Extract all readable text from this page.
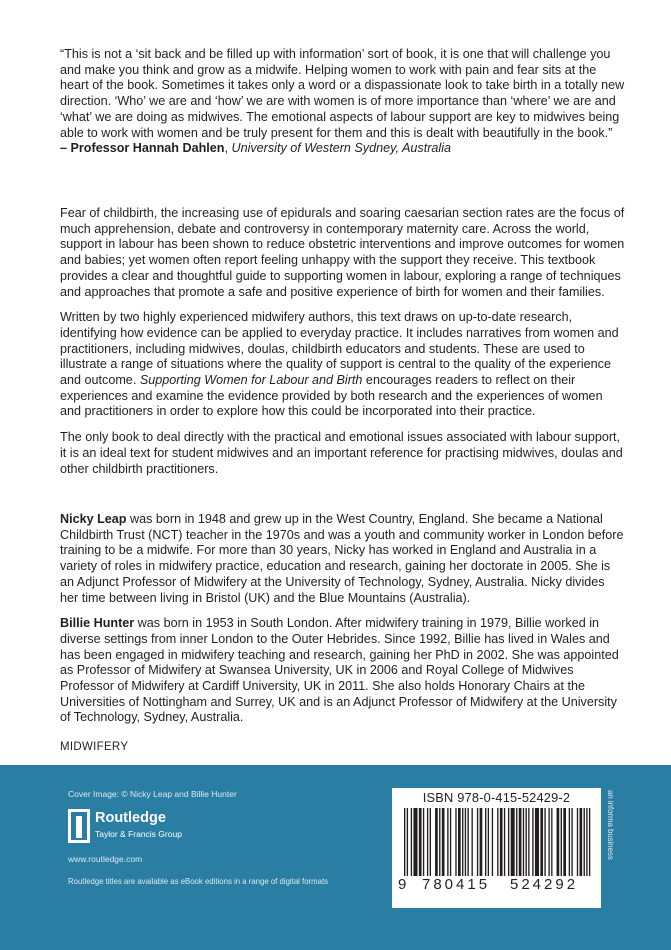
“This is not a ‘sit back and be filled up with information’ sort of book, it is one that will challenge you and make you think and grow as a midwife. Helping women to work with pain and fear sits at the heart of the book. Sometimes it takes only a word or a dispassionate look to take birth in a totally new direction. ‘Who’ we are and ‘how’ we are with women is of more importance than ‘where’ we are and ‘what’ we are doing as midwives. The emotional aspects of labour support are key to midwives being able to work with women and be truly present for them and this is dealt with beautifully in the book.”
– Professor Hannah Dahlen, University of Western Sydney, Australia

Fear of childbirth, the increasing use of epidurals and soaring caesarian section rates are the focus of much apprehension, debate and controversy in contemporary maternity care. Across the world, support in labour has been shown to reduce obstetric interventions and improve outcomes for women and babies; yet women often report feeling unhappy with the support they receive. This textbook provides a clear and thoughtful guide to supporting women in labour, exploring a range of techniques and approaches that promote a safe and positive experience of birth for women and their families.

Written by two highly experienced midwifery authors, this text draws on up-to-date research, identifying how evidence can be applied to everyday practice. It includes narratives from women and practitioners, including midwives, doulas, childbirth educators and students. These are used to illustrate a range of situations where the quality of support is central to the quality of the experience and outcome. Supporting Women for Labour and Birth encourages readers to reflect on their experiences and examine the evidence provided by both research and the experiences of women and practitioners in order to explore how this could be incorporated into their practice.

The only book to deal directly with the practical and emotional issues associated with labour support, it is an ideal text for student midwives and an important reference for practising midwives, doulas and other childbirth practitioners.

Nicky Leap was born in 1948 and grew up in the West Country, England. She became a National Childbirth Trust (NCT) teacher in the 1970s and was a youth and community worker in London before training to be a midwife. For more than 30 years, Nicky has worked in England and Australia in a variety of roles in midwifery practice, education and research, gaining her doctorate in 2005. She is an Adjunct Professor of Midwifery at the University of Technology, Sydney, Australia. Nicky divides her time between living in Bristol (UK) and the Blue Mountains (Australia).

Billie Hunter was born in 1953 in South London. After midwifery training in 1979, Billie worked in diverse settings from inner London to the Outer Hebrides. Since 1992, Billie has lived in Wales and has been engaged in midwifery teaching and research, gaining her PhD in 2002. She was appointed as Professor of Midwifery at Swansea University, UK in 2006 and Royal College of Midwives Professor of Midwifery at Cardiff University, UK in 2011. She also holds Honorary Chairs at the Universities of Nottingham and Surrey, UK and is an Adjunct Professor of Midwifery at the University of Technology, Sydney, Australia.

MIDWIFERY
Cover Image: © Nicky Leap and Billie Hunter
Routledge
Taylor & Francis Group
www.routledge.com
Routledge titles are available as eBook editions in a range of digital formats
ISBN 978-0-415-52429-2
9 780415 524292
an informa business
